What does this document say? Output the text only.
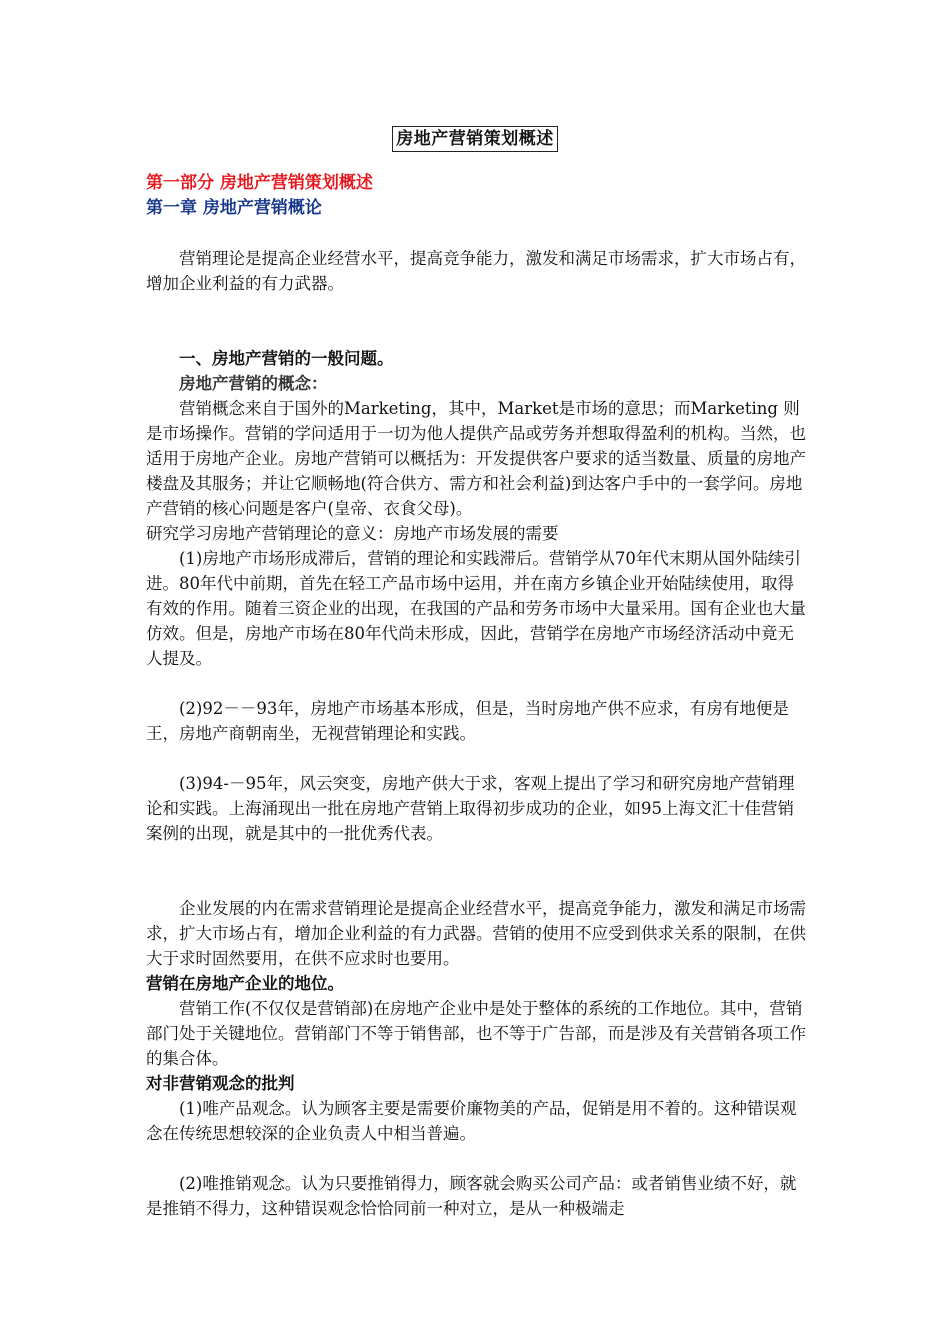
房地产营销策划概述

第一部分 房地产营销策划概述

第一章 房地产营销概论

营销理论是提高企业经营水平，提高竞争能力，激发和满足市场需求，扩大市场占有，增加企业利益的有力武器。

一、房地产营销的一般问题。

房地产营销的概念：

营销概念来自于国外的Marketing，其中，Market是市场的意思；而Marketing 则是市场操作。营销的学问适用于一切为他人提供产品或劳务并想取得盈利的机构。当然，也适用于房地产企业。房地产营销可以概括为：开发提供客户要求的适当数量、质量的房地产楼盘及其服务；并让它顺畅地(符合供方、需方和社会利益)到达客户手中的一套学问。房地产营销的核心问题是客户(皇帝、衣食父母)。

研究学习房地产营销理论的意义：房地产市场发展的需要

(1)房地产市场形成滞后，营销的理论和实践滞后。营销学从70年代末期从国外陆续引进。80年代中前期，首先在轻工产品市场中运用，并在南方乡镇企业开始陆续使用，取得有效的作用。随着三资企业的出现，在我国的产品和劳务市场中大量采用。国有企业也大量仿效。但是，房地产市场在80年代尚未形成，因此，营销学在房地产市场经济活动中竟无人提及。

(2)92－－93年，房地产市场基本形成，但是，当时房地产供不应求，有房有地便是王，房地产商朝南坐，无视营销理论和实践。

(3)94-－95年，风云突变，房地产供大于求，客观上提出了学习和研究房地产营销理论和实践。上海涌现出一批在房地产营销上取得初步成功的企业，如95上海文汇十佳营销案例的出现，就是其中的一批优秀代表。

企业发展的内在需求营销理论是提高企业经营水平，提高竞争能力，激发和满足市场需求，扩大市场占有，增加企业利益的有力武器。营销的使用不应受到供求关系的限制，在供大于求时固然要用，在供不应求时也要用。

营销在房地产企业的地位。

营销工作(不仅仅是营销部)在房地产企业中是处于整体的系统的工作地位。其中，营销部门处于关键地位。营销部门不等于销售部，也不等于广告部，而是涉及有关营销各项工作的集合体。

对非营销观念的批判

(1)唯产品观念。认为顾客主要是需要价廉物美的产品，促销是用不着的。这种错误观念在传统思想较深的企业负责人中相当普遍。

(2)唯推销观念。认为只要推销得力，顾客就会购买公司产品：或者销售业绩不好，就是推销不得力，这种错误观念恰恰同前一种对立，是从一种极端走
